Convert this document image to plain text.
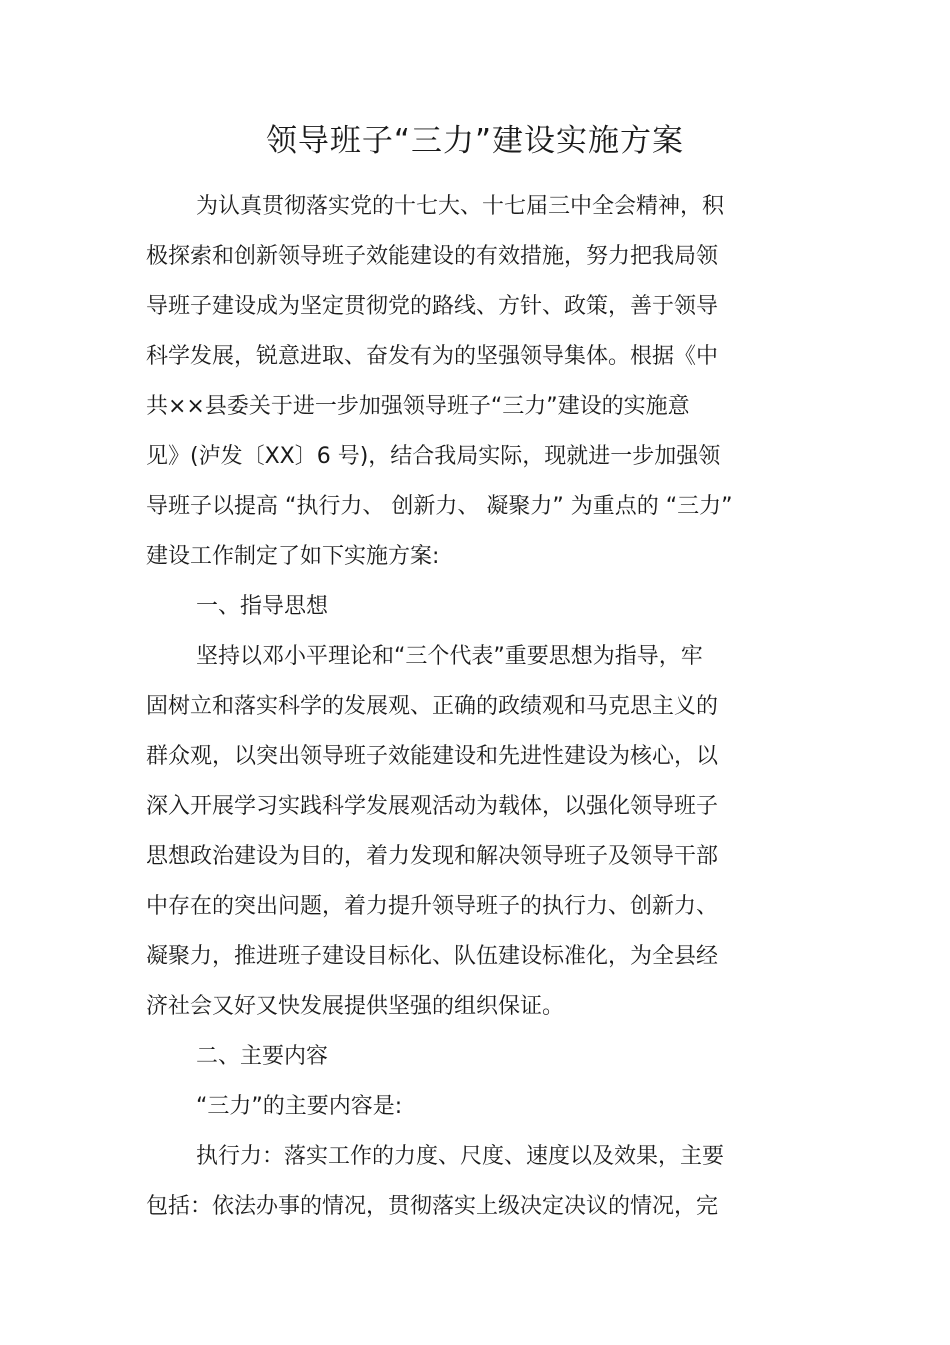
领导班子“三力”建设实施方案

为认真贯彻落实党的十七大、十七届三中全会精神，积

极探索和创新领导班子效能建设的有效措施，努力把我局领

导班子建设成为坚定贯彻党的路线、方针、政策，善于领导

科学发展，锐意进取、奋发有为的坚强领导集体。根据《中

共××县委关于进一步加强领导班子“三力”建设的实施意

见》(泸发〔XX〕6 号)，结合我局实际，现就进一步加强领

导班子以提高 “执行力、 创新力、 凝聚力” 为重点的 “三力”

建设工作制定了如下实施方案:

一、指导思想

坚持以邓小平理论和“三个代表”重要思想为指导，牢

固树立和落实科学的发展观、正确的政绩观和马克思主义的

群众观，以突出领导班子效能建设和先进性建设为核心，以

深入开展学习实践科学发展观活动为载体，以强化领导班子

思想政治建设为目的，着力发现和解决领导班子及领导干部

中存在的突出问题，着力提升领导班子的执行力、创新力、

凝聚力，推进班子建设目标化、队伍建设标准化，为全县经

济社会又好又快发展提供坚强的组织保证。

二、主要内容

“三力”的主要内容是:

执行力：落实工作的力度、尺度、速度以及效果，主要

包括：依法办事的情况，贯彻落实上级决定决议的情况，完
